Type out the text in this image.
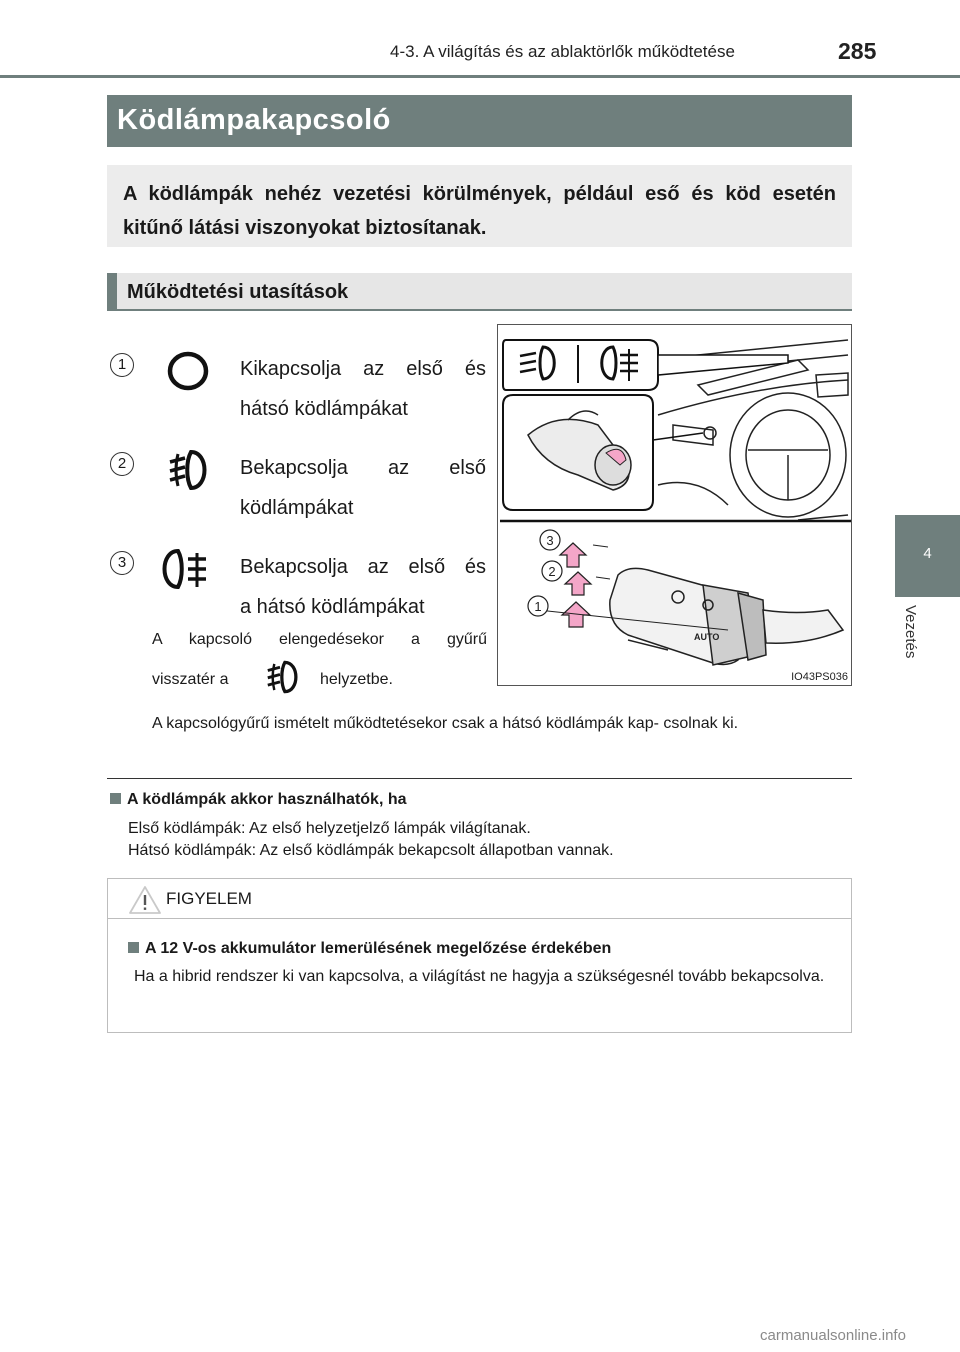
4-3. A világítás és az ablaktörlők működtetése	285
4
Vezetés
Ködlámpakapcsoló
A ködlámpák nehéz vezetési körülmények, például eső és köd esetén kitűnő látási viszonyokat biztosítanak.
Működtetési utasítások
1	Kikapcsolja az első és
hátsó ködlámpákat
2	Bekapcsolja az első
ködlámpákat
3	Bekapcsolja az első és
a hátsó ködlámpákat
A kapcsoló elengedésekor a gyűrű
visszatér a	helyzetbe.
A kapcsológyűrű ismételt működtetésekor csak a hátsó ködlámpák kap- csolnak ki.
AUTO
3
2
1
IO43PS036
A ködlámpák akkor használhatók, ha
Első ködlámpák: Az első helyzetjelző lámpák világítanak.
Hátsó ködlámpák: Az első ködlámpák bekapcsolt állapotban vannak.
FIGYELEM
A 12 V-os akkumulátor lemerülésének megelőzése érdekében
Ha a hibrid rendszer ki van kapcsolva, a világítást ne hagyja a szükségesnél tovább bekapcsolva.
carmanualsonline.info
